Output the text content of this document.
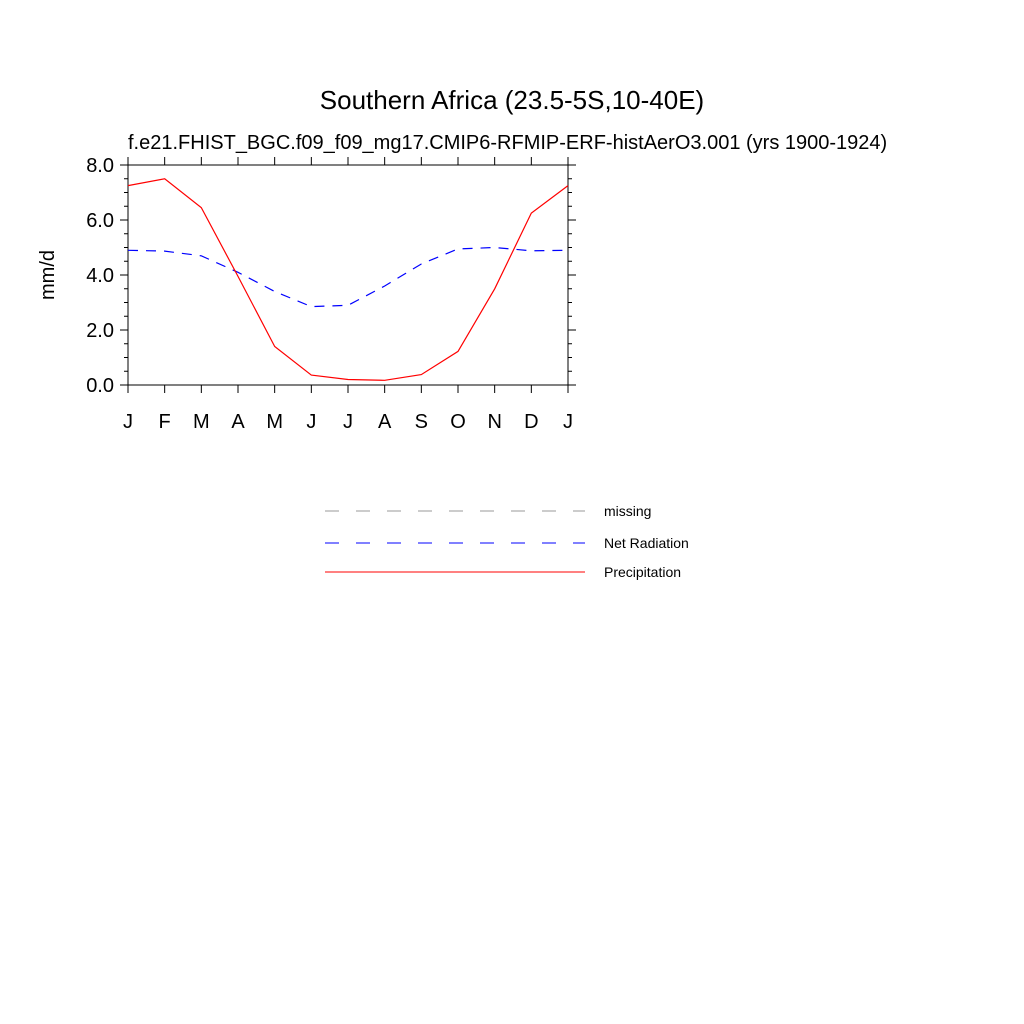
Southern Africa (23.5-5S,10-40E)
f.e21.FHIST_BGC.f09_f09_mg17.CMIP6-RFMIP-ERF-histAerO3.001 (yrs 1900-1924)
mm/d
0.0
2.0
4.0
6.0
8.0
J F M A M J J A S O N D J
missing
Net Radiation
Precipitation
